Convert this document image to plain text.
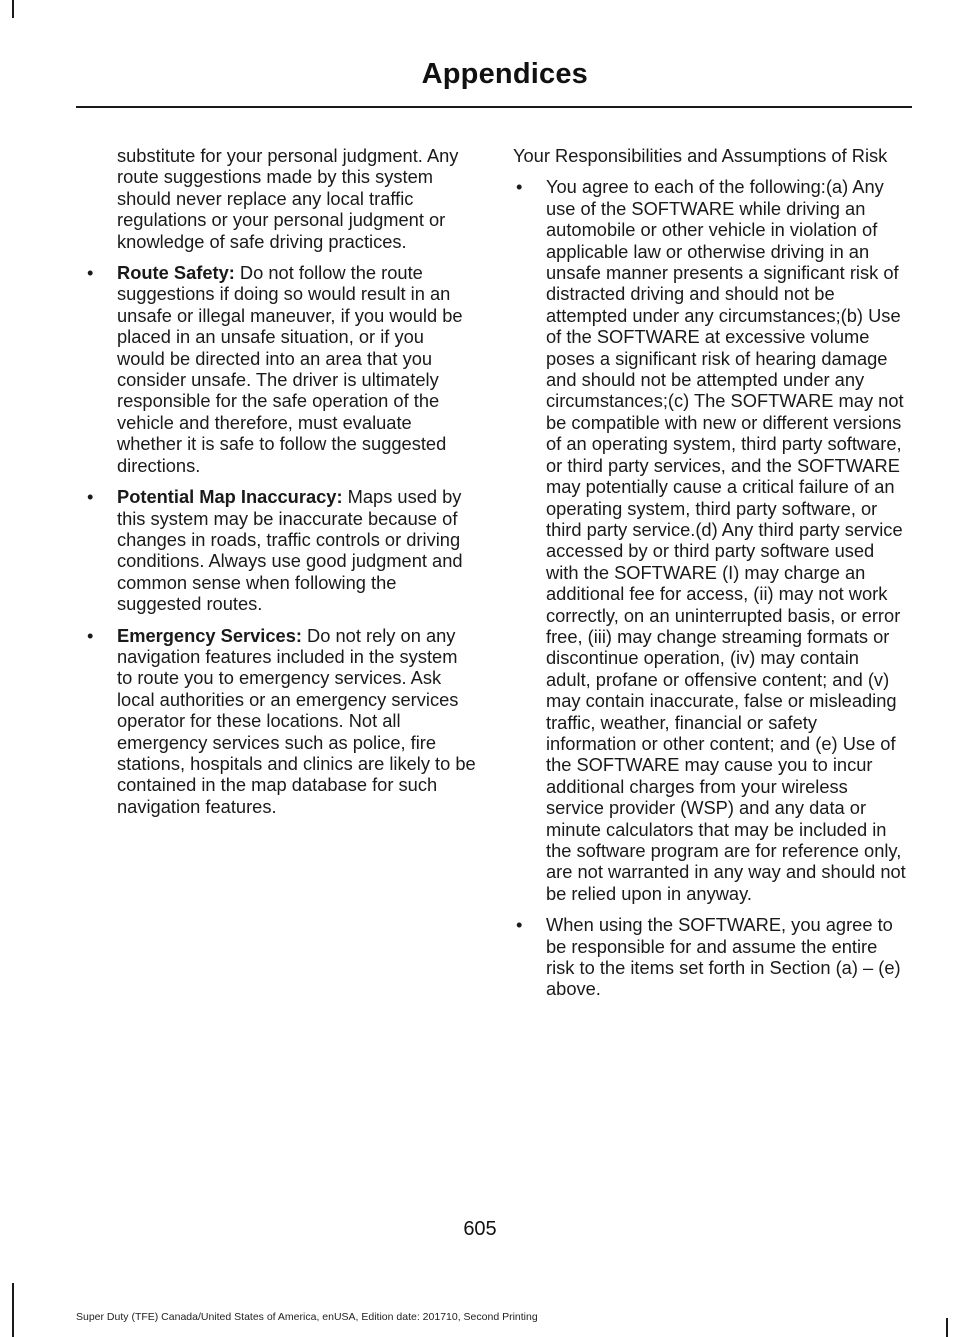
Appendices

substitute for your personal judgment. Any route suggestions made by this system should never replace any local traffic regulations or your personal judgment or knowledge of safe driving practices.

• Route Safety: Do not follow the route suggestions if doing so would result in an unsafe or illegal maneuver, if you would be placed in an unsafe situation, or if you would be directed into an area that you consider unsafe. The driver is ultimately responsible for the safe operation of the vehicle and therefore, must evaluate whether it is safe to follow the suggested directions.
• Potential Map Inaccuracy: Maps used by this system may be inaccurate because of changes in roads, traffic controls or driving conditions. Always use good judgment and common sense when following the suggested routes.
• Emergency Services: Do not rely on any navigation features included in the system to route you to emergency services. Ask local authorities or an emergency services operator for these locations. Not all emergency services such as police, fire stations, hospitals and clinics are likely to be contained in the map database for such navigation features.

Your Responsibilities and Assumptions of Risk

• You agree to each of the following:(a) Any use of the SOFTWARE while driving an automobile or other vehicle in violation of applicable law or otherwise driving in an unsafe manner presents a significant risk of distracted driving and should not be attempted under any circumstances;(b) Use of the SOFTWARE at excessive volume poses a significant risk of hearing damage and should not be attempted under any circumstances;(c) The SOFTWARE may not be compatible with new or different versions of an operating system, third party software, or third party services, and the SOFTWARE may potentially cause a critical failure of an operating system, third party software, or third party service.(d) Any third party service accessed by or third party software used with the SOFTWARE (I) may charge an additional fee for access, (ii) may not work correctly, on an uninterrupted basis, or error free, (iii) may change streaming formats or discontinue operation, (iv) may contain adult, profane or offensive content; and (v) may contain inaccurate, false or misleading traffic, weather, financial or safety information or other content; and (e) Use of the SOFTWARE may cause you to incur additional charges from your wireless service provider (WSP) and any data or minute calculators that may be included in the software program are for reference only, are not warranted in any way and should not be relied upon in anyway.
• When using the SOFTWARE, you agree to be responsible for and assume the entire risk to the items set forth in Section (a) – (e) above.
605
Super Duty (TFE) Canada/United States of America, enUSA, Edition date: 201710, Second Printing
